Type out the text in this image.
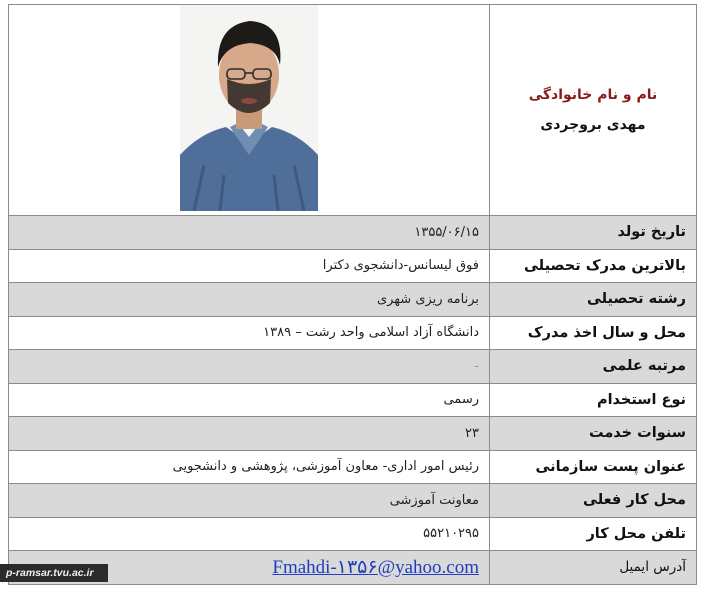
نام و نام خانوادگی
مهدی بروجردی

۱۳۵۵/۰۶/۱۵	تاریخ تولد
فوق لیسانس-دانشجوی دکترا	بالاترین مدرک تحصیلی
برنامه ریزی شهری	رشته تحصیلی
دانشگاه آزاد اسلامی واحد رشت – ۱۳۸۹	محل و سال اخذ مدرک
-	مرتبه علمی
رسمی	نوع استخدام
۲۳	سنوات خدمت
رئیس امور اداری- معاون آموزشی، پژوهشی و دانشجویی	عنوان پست سازمانی
معاونت آموزشی	محل کار فعلی
۵۵۲۱۰۲۹۵	تلفن محل کار
Fmahdi-۱۳۵۶@yahoo.com	آدرس ایمیل
p-ramsar.tvu.ac.ir
